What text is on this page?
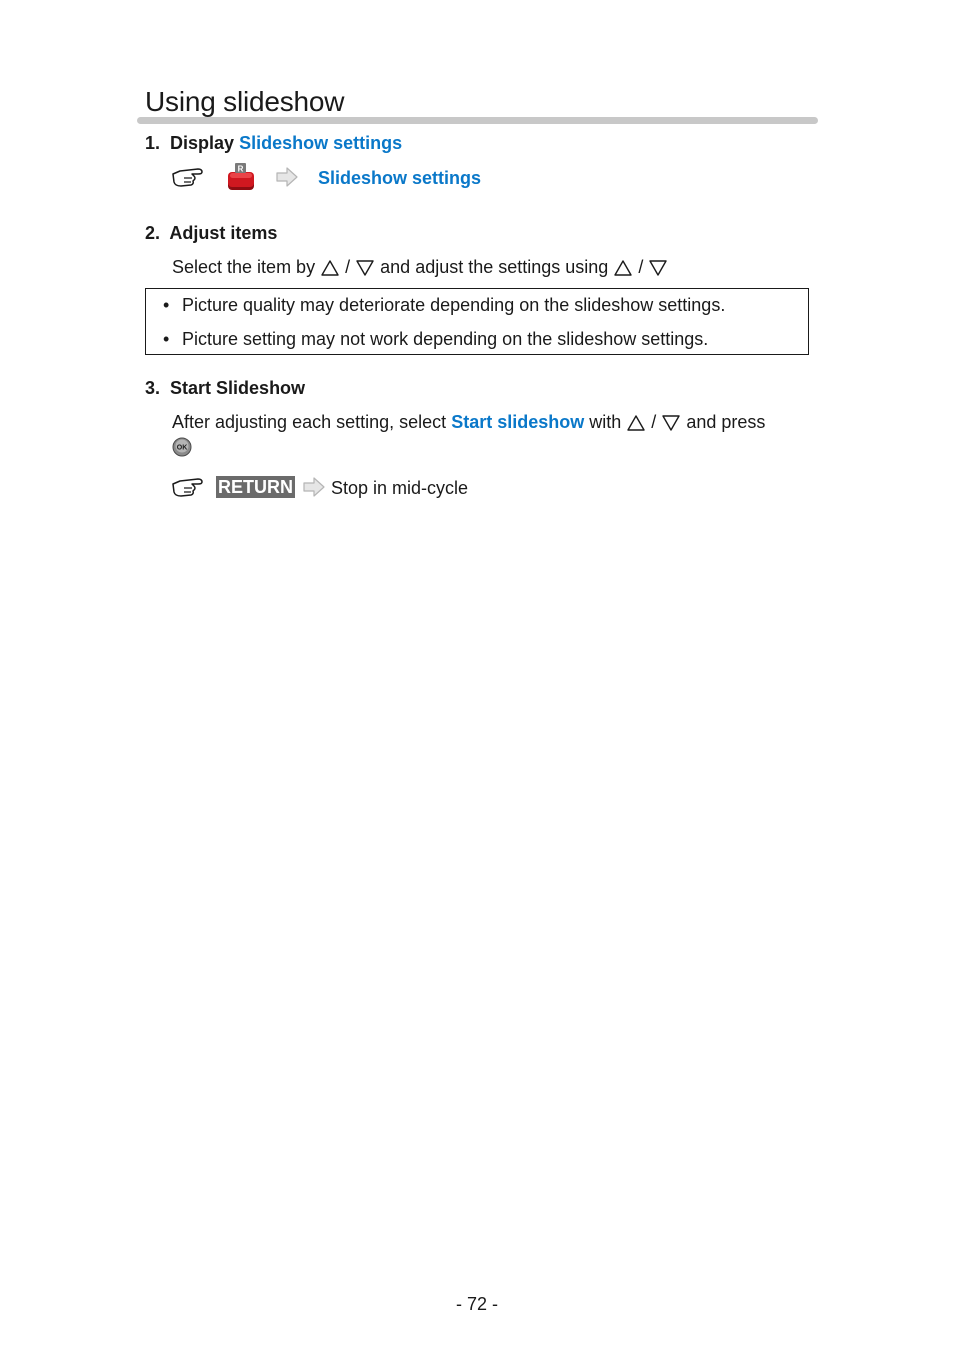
Using slideshow
1. Display Slideshow settings
R	Slideshow settings
2. Adjust items
Select the item by / and adjust the settings using /
• Picture quality may deteriorate depending on the slideshow settings.
• Picture setting may not work depending on the slideshow settings.
3. Start Slideshow
After adjusting each setting, select Start slideshow with / and press
OK
RETURN Stop in mid-cycle
- 72 -
